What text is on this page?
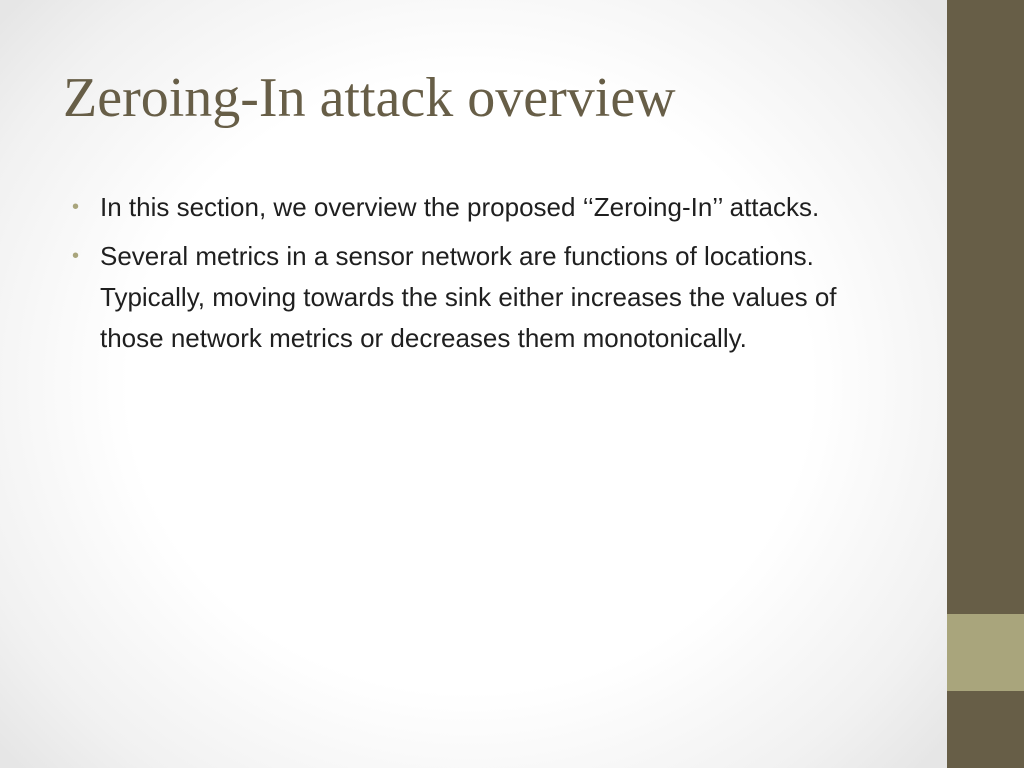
Zeroing-In attack overview
• In this section, we overview the proposed ‘‘Zeroing-In’’ attacks.
• Several metrics in a sensor network are functions of locations. Typically, moving towards the sink either increases the values of those network metrics or decreases them monotonically.
